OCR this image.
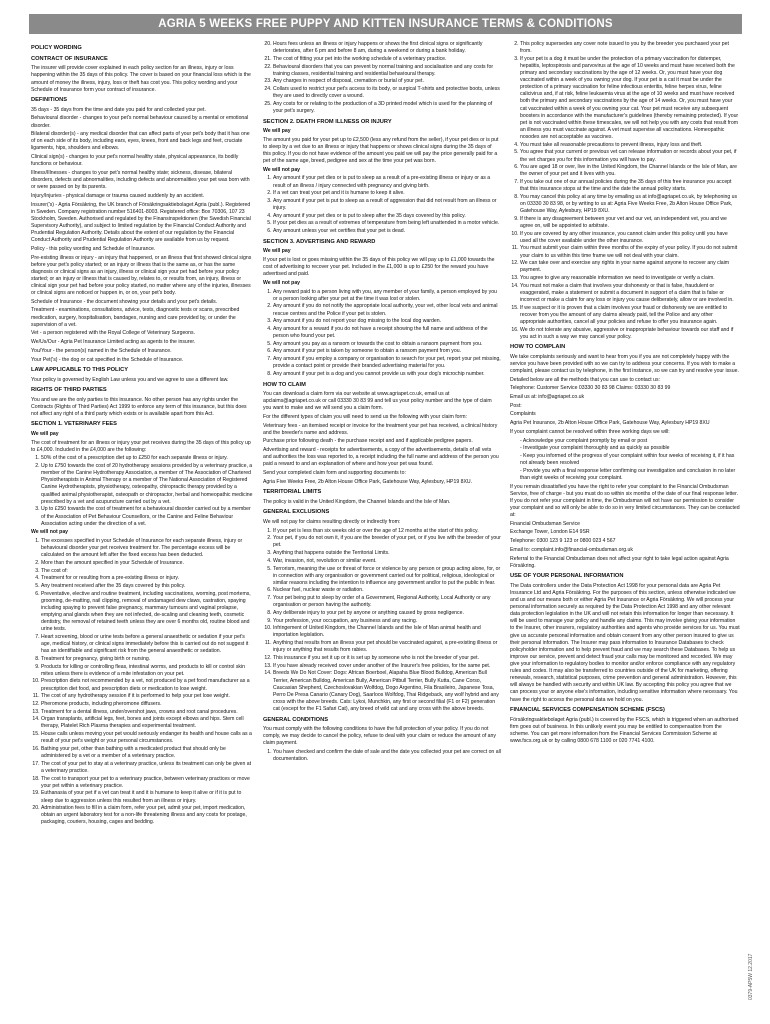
AGRIA 5 WEEKS FREE PUPPY AND KITTEN INSURANCE TERMS & CONDITIONS
POLICY WORDING
CONTRACT OF INSURANCE

The insurer will provide cover explained in each policy section for an illness, injury or loss happening within the 35 days of this policy. The cover is based on your financial loss which is the amount of money the illness, injury, loss or theft has cost you. This policy wording and your Schedule of Insurance form your contract of insurance.

DEFINITIONS

35 days - 35 days from the time and date you paid for and collected your pet.

Behavioural disorder - changes to your pet's normal behaviour caused by a mental or emotional disorder.

Bilateral disorder(s) - any medical disorder that can affect parts of your pet's body that it has one of on each side of its body, including ears, eyes, knees, front and back legs and feet, cruciate ligaments, hips, shoulders and elbows.

Clinical sign(s) - changes to your pet's normal healthy state, physical appearance, its bodily functions or behaviour.

Illness/Illnesses - changes to your pet's normal healthy state; sickness, disease, bilateral disorders, defects and abnormalities, including defects and abnormalities your pet was born with or were passed on by its parents.

Injury/Injuries - physical damage or trauma caused suddenly by an accident.

Insurer('s) - Agria Försäkring, the UK branch of Försäkringsaktiebolaget Agria (publ.). Registered in Sweden. Company registration number 516401-8003. Registered office: Box 70306, 107 23 Stockholm, Sweden. Authorised and regulated by the Finansinspektionen (the Swedish Financial Supervisory Authority), and subject to limited regulation by the Financial Conduct Authority and Prudential Regulation Authority. Details about the extent of our regulation by the Financial Conduct Authority and Prudential Regulation Authority are available from us by request.

Policy - this policy wording and Schedule of Insurance.

Pre-existing illness or injury - an injury that happened, or an illness that first showed clinical signs before your pet's policy started; or an injury or illness that is the same as, or has the same diagnosis or clinical signs as an injury, illness or clinical sign your pet had before your policy started; or an injury or illness that is caused by, relates to, or results from, an injury, illness or clinical sign your pet had before your policy started, no matter where any of the injuries, illnesses or clinical signs are noticed or happen in, or on, your pet's body.

Schedule of Insurance - the document showing your details and your pet's details.

Treatment - examinations, consultations, advice, tests, diagnostic tests or scans, prescribed medication, surgery, hospitalisation, bandages, nursing and care provided by, or under the supervision of a vet.

Vet - a person registered with the Royal College of Veterinary Surgeons.

We/Us/Our - Agria Pet Insurance Limited acting as agents to the insurer.

You/Your - the person(s) named in the Schedule of Insurance.

Your Pet('s) - the dog or cat specified in the Schedule of Insurance.

LAW APPLICABLE TO THIS POLICY

Your policy is governed by English Law unless you and we agree to use a different law.

RIGHTS OF THIRD PARTIES

You and we are the only parties to this insurance. No other person has any rights under the Contracts (Rights of Third Parties) Act 1999 to enforce any term of this insurance, but this does not affect any right of a third party which exists or is available apart from this Act.

SECTION 1. VETERINARY FEES

We will pay

The cost of treatment for an illness or injury your pet receives during the 35 days of this policy up to £4,000. Included in the £4,000 are the following:

1. 50% of the cost of a prescription diet up to £250 for each separate illness or injury.
2. Up to £750 towards the cost of 20 hydrotherapy sessions provided by a veterinary practice, a member of the Canine Hydrotherapy Association, a member of The Association of Chartered Physiotherapists in Animal Therapy or a member of The National Association of Registered Canine Hydrotherapists, physiotherapy, osteopathy, chiropractic therapy provided by a qualified animal physiotherapist, osteopath or chiropractor, herbal and homeopathic medicine prescribed by a vet and acupuncture carried out by a vet.
3. Up to £250 towards the cost of treatment for a behavioural disorder carried out by a member of the Association of Pet Behaviour Counsellors, or the Canine and Feline Behaviour Association acting under the direction of a vet.

We will not pay

1. The excesses specified in your Schedule of Insurance for each separate illness, injury or behavioural disorder your pet receives treatment for. The percentage excess will be calculated on the amount left after the fixed excess has been deducted.
2. More than the amount specified in your Schedule of Insurance.
3. The cost of:
4. Treatment for or resulting from a pre-existing illness or injury.
5. Any treatment received after the 35 days covered by this policy.
6. Preventative, elective and routine treatment, including vaccinations, worming, post mortems, grooming, de-matting, nail clipping, removal of undamaged dew claws, castration, spaying including spaying to prevent false pregnancy, mammary tumours and vaginal prolapse, emptying anal glands when they are not infected, de-scaling and cleaning teeth, cosmetic dentistry, the removal of retained teeth unless they are over 6 months old, routine blood and urine tests.
7. Heart screening, blood or urine tests before a general anaesthetic or sedation if your pet's age, medical history, or clinical signs immediately before this is carried out do not suggest it has an identifiable and significant risk from the general anaesthetic or sedation.
8. Treatment for pregnancy, giving birth or nursing.
9. Products for killing or controlling fleas, intestinal worms, and products to kill or control skin mites unless there is evidence of a mite infestation on your pet.
10. Prescription diets not recommended by a vet, not produced by a pet food manufacturer as a prescription diet food, and prescription diets or medication to lose weight.
11. The cost of any hydrotherapy session if it is performed to help your pet lose weight.
12. Pheromone products, including pheromone diffusers.
13. Treatment for a dental illness, under/overshot jaws, crowns and root canal procedures.
14. Organ transplants, artificial legs, feet, bones and joints except elbows and hips. Stem cell therapy, Platelet Rich Plasma therapies and experimental treatment.
15. House calls unless moving your pet would seriously endanger its health and house calls as a result of your pet's weight or your personal circumstances.
16. Bathing your pet, other than bathing with a medicated product that should only be administered by a vet or a member of a veterinary practice.
17. The cost of your pet to stay at a veterinary practice, unless its treatment can only be given at a veterinary practice.
18. The cost to transport your pet to a veterinary practice, between veterinary practices or move your pet within a veterinary practice.
19. Euthanasia of your pet if a vet can treat it and it is humane to keep it alive or if it is put to sleep due to aggression unless this resulted from an illness or injury.
20. Administration fees to fill in a claim form, refer your pet, admit your pet, import medication, obtain an urgent laboratory test for a non-life threatening illness and any costs for postage, packaging, couriers, housing, cages and bedding.
20. Hours fees unless an illness or injury happens or shows the first clinical signs or significantly deteriorates, after 6 pm and before 8 am, during a weekend or during a bank holiday.
21. The cost of fitting your pet into the working schedule of a veterinary practice.
22. Behavioural disorders that you can prevent by normal training and socialisation and any costs for training classes, residential training and residential behavioural therapy.
23. Any charges in respect of disposal, cremation or burial of your pet.
24. Collars used to restrict your pet's access to its body, or surgical T-shirts and protective boots, unless they are used to directly cover a wound.
25. Any costs for or relating to the production of a 3D printed model which is used for the planning of your pet's surgery.
SECTION 2. DEATH FROM ILLNESS OR INJURY

We will pay

The amount you paid for your pet up to £2,500 (less any refund from the seller), if your pet dies or is put to sleep by a vet due to an illness or injury that happens or shows clinical signs during the 35 days of this policy. If you do not have evidence of the amount you paid we will pay the price generally paid for a pet of the same age, breed, pedigree and sex at the time your pet was born.

We will not pay

1. Any amount if your pet dies or is put to sleep as a result of a pre-existing illness or injury or as a result of an illness / injury connected with pregnancy and giving birth.
2. If a vet can treat your pet and it is humane to keep it alive.
3. Any amount if your pet is put to sleep as a result of aggression that did not result from an illness or injury.
4. Any amount if your pet dies or is put to sleep after the 35 days covered by this policy.
5. If your pet dies as a result of extremes of temperature from being left unattended in a motor vehicle.
6. Any amount unless your vet certifies that your pet is dead.
SECTION 3. ADVERTISING AND REWARD

We will pay

If your pet is lost or goes missing within the 35 days of this policy we will pay up to £1,000 towards the cost of advertising to recover your pet. Included in the £1,000 is up to £250 for the reward you have advertised and paid.

We will not pay

1. Any reward paid to a person living with you, any member of your family, a person employed by you or a person looking after your pet at the time it was lost or stolen.
2. Any amount if you do not notify the appropriate local authority, your vet, other local vets and animal rescue centres and the Police if your pet is stolen.
3. Any amount if you do not report your dog missing to the local dog warden.
4. Any amount for a reward if you do not have a receipt showing the full name and address of the person who found your pet.
5. Any amount you pay as a ransom or towards the cost to obtain a ransom payment from you.
6. Any amount if your pet is taken by someone to obtain a ransom payment from you.
7. Any amount if you employ a company or organisation to search for your pet, report your pet missing, provide a contact point or provide their branded advertising material for you.
8. Any amount if your pet is a dog and you cannot provide us with your dog's microchip number.
HOW TO CLAIM

You can download a claim form via our website at www.agriapet.co.uk, email us at apclaims@agriapet.co.uk or call 03330 30 83 99 and tell us your policy number and the type of claim you want to make and we will send you a claim form.

For the different types of claim you will need to send us the following with your claim form:

Veterinary fees - an itemised receipt or invoice for the treatment your pet has received, a clinical history and the breeder's name and address.

Purchase price following death - the purchase receipt and and if applicable pedigree papers.

Advertising and reward - receipts for advertisements, a copy of the advertisements, details of all vets and authorities the loss was reported to, a receipt including the full name and address of the person you paid a reward to and an explanation of where and how your pet was found.

Send your completed claim form and supporting documents to:

Agria Five Weeks Free, 2b Alton House Office Park, Gatehouse Way, Aylesbury, HP19 8XU.

TERRITORIAL LIMITS

The policy is valid in the United Kingdom, the Channel Islands and the Isle of Man.

GENERAL EXCLUSIONS

We will not pay for claims resulting directly or indirectly from:

1. If your pet is less than six weeks old or over the age of 12 months at the start of this policy.
2. Your pet, if you do not own it, if you are the breeder of your pet, or if you live with the breeder of your pet.
3. Anything that happens outside the Territorial Limits.
4. War, invasion, riot, revolution or similar event.
5. Terrorism, meaning the use or threat of force or violence by any person or group acting alone, for, or in connection with any organisation or government carried out for political, religious, ideological or similar reasons including the intention to influence any government and/or to put the public in fear.
6. Nuclear fuel, nuclear waste or radiation.
7. Your pet being put to sleep by order of a Government, Regional Authority, Local Authority or any organisation or person having the authority.
8. Any deliberate injury to your pet by anyone or anything caused by gross negligence.
9. Your profession, your occupation, any business and any racing.
10. Infringement of United Kingdom, the Channel Islands and the Isle of Man animal health and importation legislation.
11. Anything that results from an illness your pet should be vaccinated against, a pre-existing illness or injury or anything that results from rabies.
12. This insurance if you set it up or it is set up by someone who is not the breeder of your pet.
13. If you have already received cover under another of the Insurer's free policies, for the same pet.
14. Breeds We Do Not Cover: Dogs: African Boerboel, Alapaha Blue Blood Bulldog, American Bull Terrier, American Bulldog, American Bully, American Pitbull Terrier, Bully Kutta, Cane Corso, Caucasian Shepherd, Czechoslovakian Wolfdog, Dogo Argentino, Fila Brasileiro, Japanese Tosa, Perro De Presa Canario (Canary Dog), Saarloos Wolfdog, Thai Ridgeback, any wolf hybrid and any cross with the above breeds. Cats: Lykoi, Munchkin, any first or second filial (F1 or F2) generation cat (except for the F1 Safari Cat), any breed of wild cat and any cross with the above breeds.
GENERAL CONDITIONS

You must comply with the following conditions to have the full protection of your policy. If you do not comply, we may decide to cancel the policy, refuse to deal with your claim or reduce the amount of any claim payment.

1. You have checked and confirm the date of sale and the date you collected your pet are correct on all documentation.
2. This policy supersedes any cover note issued to you by the breeder you purchased your pet from.
3. If your pet is a dog it must be under the protection of a primary vaccination for distemper, hepatitis, leptospirosis and parvovirus at the age of 10 weeks and must have received both the primary and secondary vaccinations by the age of 12 weeks. Or, you must have your dog vaccinated within a week of you owning your dog. If your pet is a cat it must be under the protection of a primary vaccination for feline infectious enteritis, feline herpes virus, feline calicivirus and, if at risk, feline leukaemia virus at the age of 10 weeks and must have received both the primary and secondary vaccinations by the age of 14 weeks. Or, you must have your cat vaccinated within a week of you owning your cat. Your pet must receive any subsequent boosters in accordance with the manufacturer's guidelines (thereby remaining protected). If your pet is not vaccinated within these timescales, we will not help you with any costs that result from an illness you must vaccinate against. A vet must supervise all vaccinations. Homeopathic nosodes are not acceptable as vaccines.
4. You must take all reasonable precautions to prevent illness, injury loss and theft.
5. You agree that your current or previous vet can release information or records about your pet, if the vet charges you for this information you will have to pay.
6. You are aged 18 or over, live in the United Kingdom, the Channel Islands or the Isle of Man, are the owner of your pet and it lives with you.
7. If you take out one of our annual policies during the 35 days of this free insurance you accept that this insurance stops at the time and the date the annual policy starts.
8. You may cancel this policy at any time by emailing us at info@agriapet.co.uk, by telephoning us on 03330 30 83 98, or by writing to us at: Agria Five Weeks Free, 2b Alton House Office Park, Gatehouse Way, Aylesbury, HP19 8XU.
9. If there is any disagreement between your vet and our vet, an independent vet, you and we agree on, will be appointed to arbitrate.
10. If you are covered by any other insurance, you cannot claim under this policy until you have used all the cover available under the other insurance.
11. You must submit your claim within three months of the expiry of your policy. If you do not submit your claim to us within this time frame we will not deal with your claim.
12. We can take over and exercise any rights in your name against anyone to recover any claim payment.
13. You agree to give any reasonable information we need to investigate or verify a claim.
14. You must not make a claim that involves your dishonesty or that is false, fraudulent or exaggerated, make a statement or submit a document in support of a claim that is false or incorrect or make a claim for any loss or injury you cause deliberately, allow or are involved in.
15. If we suspect or it is proven that a claim involves your fraud or dishonesty we are entitled to recover from you the amount of any claims already paid, tell the Police and any other appropriate authorities, cancel all your policies and refuse to offer you insurance again.
16. We do not tolerate any abusive, aggressive or inappropriate behaviour towards our staff and if you act in such a way we may cancel your policy.
HOW TO COMPLAIN

We take complaints seriously and want to hear from you if you are not completely happy with the service you have been provided with so we can try to address your concerns. If you wish to make a complaint, please contact us by telephone, in the first instance, so we can try and resolve your issue.

Detailed below are all the methods that you can use to contact us:

Telephone: Customer Service 03330 30 83 98 Claims: 03330 30 83 99

Email us at: info@agriapet.co.uk

Post:

Complaints

Agria Pet Insurance, 2b Alton House Office Park, Gatehouse Way, Aylesbury HP19 8XU

If your complaint cannot be resolved within three working days we will:

- Acknowledge your complaint promptly by email or post
- Investigate your complaint thoroughly and as quickly as possible
- Keep you informed of the progress of your complaint within four weeks of receiving it, if it has not already been resolved
- Provide you with a final response letter confirming our investigation and conclusion in no later than eight weeks of receiving your complaint.

If you remain dissatisfied you have the right to refer your complaint to the Financial Ombudsman Service, free of charge - but you must do so within six months of the date of our final response letter. If you do not refer your complaint in time, the Ombudsman will not have our permission to consider your complaint and so will only be able to do so in very limited circumstances. They can be contacted at:

Financial Ombudsman Service

Exchange Tower, London E14 9SR

Telephone: 0300 123 9 123 or 0800 023 4 567

Email to: complaint.info@financial-ombudsman.org.uk

Referral to the Financial Ombudsman does not affect your right to take legal action against Agria Försäkring.

USE OF YOUR PERSONAL INFORMATION

The Data controllers under the Data Protection Act 1998 for your personal data are Agria Pet Insurance Ltd and Agria Försäkring. For the purposes of this section, unless otherwise indicated we and us and our means both or either Agria Pet Insurance or Agria Försäkring. We will process your personal information securely as required by the Data Protection Act 1998 and any other relevant data protection legislation in the UK and will not retain this information for longer than necessary. It will be used to manage your policy and handle any claims. This may involve giving your information to the Insurer, other insurers, regulatory authorities and agents who provide services for us. You must give us accurate personal information and obtain consent from any other person insured to give us their personal information. The Insurer may pass information to Insurance Databases to check policyholder information and to help prevent fraud and we may search these Databases. To help us improve our service, prevent and detect fraud your calls may be monitored and recorded. We may give your information to regulatory bodies to monitor and/or enforce compliance with any regulatory rules and codes. It may also be transferred to countries outside of the UK for marketing, offering renewals, research, statistical purposes, crime prevention and general administration. However, this will always be handled with security and within UK law. By accepting this policy you agree that we can process your or anyone else's information, including sensitive information where necessary. You have the right to access the personal data we hold on you.

FINANCIAL SERVICES COMPENSATION SCHEME (FSCS)

Försäkringsaktiebolaget Agria (publ.) is covered by the FSCS, which is triggered when an authorised firm goes out of business. In this unlikely event you may be entitled to compensation from the scheme. You can get more information from the Financial Services Commission Scheme at www.fscs.org.uk or by calling 0800 678 1100 or 020 7741 4100.

0379-AP5W 12.2017
